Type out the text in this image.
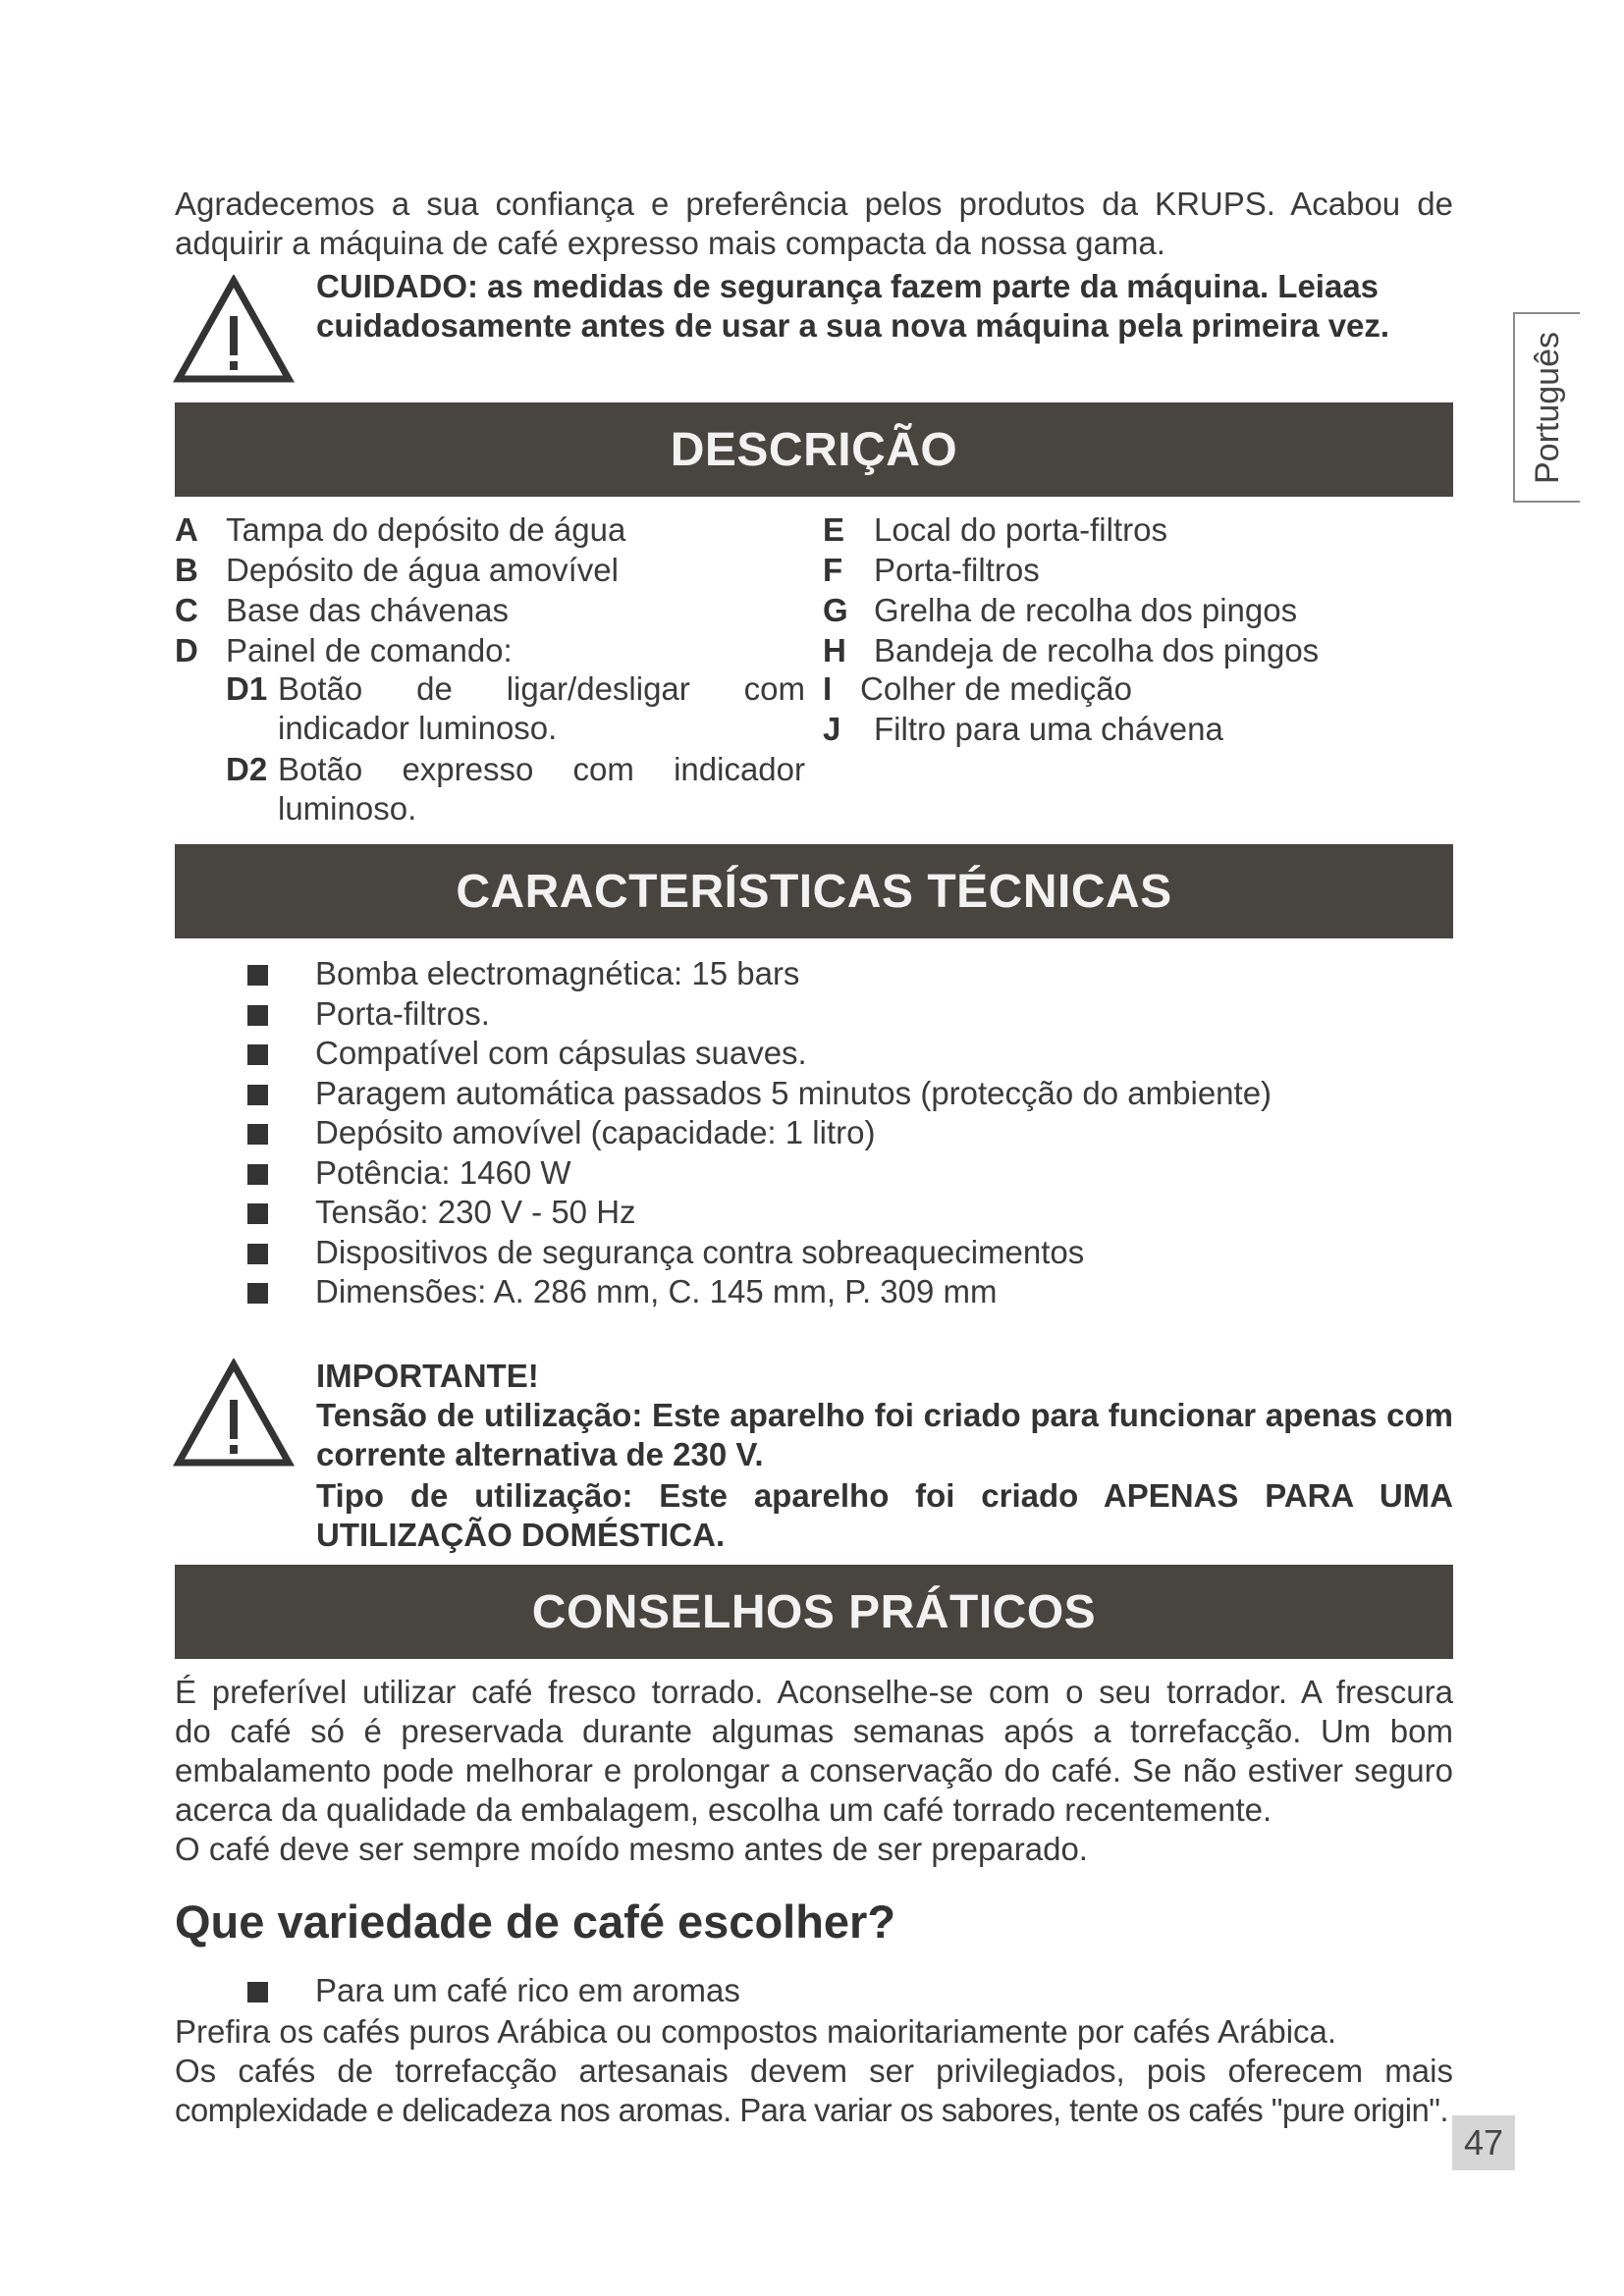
Agradecemos a sua confiança e preferência pelos produtos da KRUPS. Acabou de
adquirir a máquina de café expresso mais compacta da nossa gama.
CUIDADO: as medidas de segurança fazem parte da máquina. Leiaas
cuidadosamente antes de usar a sua nova máquina pela primeira vez.
Português
DESCRIÇÃO
A Tampa do depósito de água
B Depósito de água amovível
C Base das chávenas
D Painel de comando:
D1 Botão de ligar/desligar com
indicador luminoso.
D2 Botão expresso com indicador
luminoso.
E Local do porta-filtros
F Porta-filtros
G Grelha de recolha dos pingos
H Bandeja de recolha dos pingos
I Colher de medição
J Filtro para uma chávena
CARACTERÍSTICAS TÉCNICAS
Bomba electromagnética: 15 bars
Porta-filtros.
Compatível com cápsulas suaves.
Paragem automática passados 5 minutos (protecção do ambiente)
Depósito amovível (capacidade: 1 litro)
Potência: 1460 W
Tensão: 230 V - 50 Hz
Dispositivos de segurança contra sobreaquecimentos
Dimensões: A. 286 mm, C. 145 mm, P. 309 mm
IMPORTANTE!
Tensão de utilização: Este aparelho foi criado para funcionar apenas com
corrente alternativa de 230 V.
Tipo de utilização: Este aparelho foi criado APENAS PARA UMA
UTILIZAÇÃO DOMÉSTICA.
CONSELHOS PRÁTICOS
É preferível utilizar café fresco torrado. Aconselhe-se com o seu torrador. A frescura
do café só é preservada durante algumas semanas após a torrefacção. Um bom
embalamento pode melhorar e prolongar a conservação do café. Se não estiver seguro
acerca da qualidade da embalagem, escolha um café torrado recentemente.
O café deve ser sempre moído mesmo antes de ser preparado.
Que variedade de café escolher?
Para um café rico em aromas
Prefira os cafés puros Arábica ou compostos maioritariamente por cafés Arábica.
Os cafés de torrefacção artesanais devem ser privilegiados, pois oferecem mais
complexidade e delicadeza nos aromas. Para variar os sabores, tente os cafés "pure origin".
47
